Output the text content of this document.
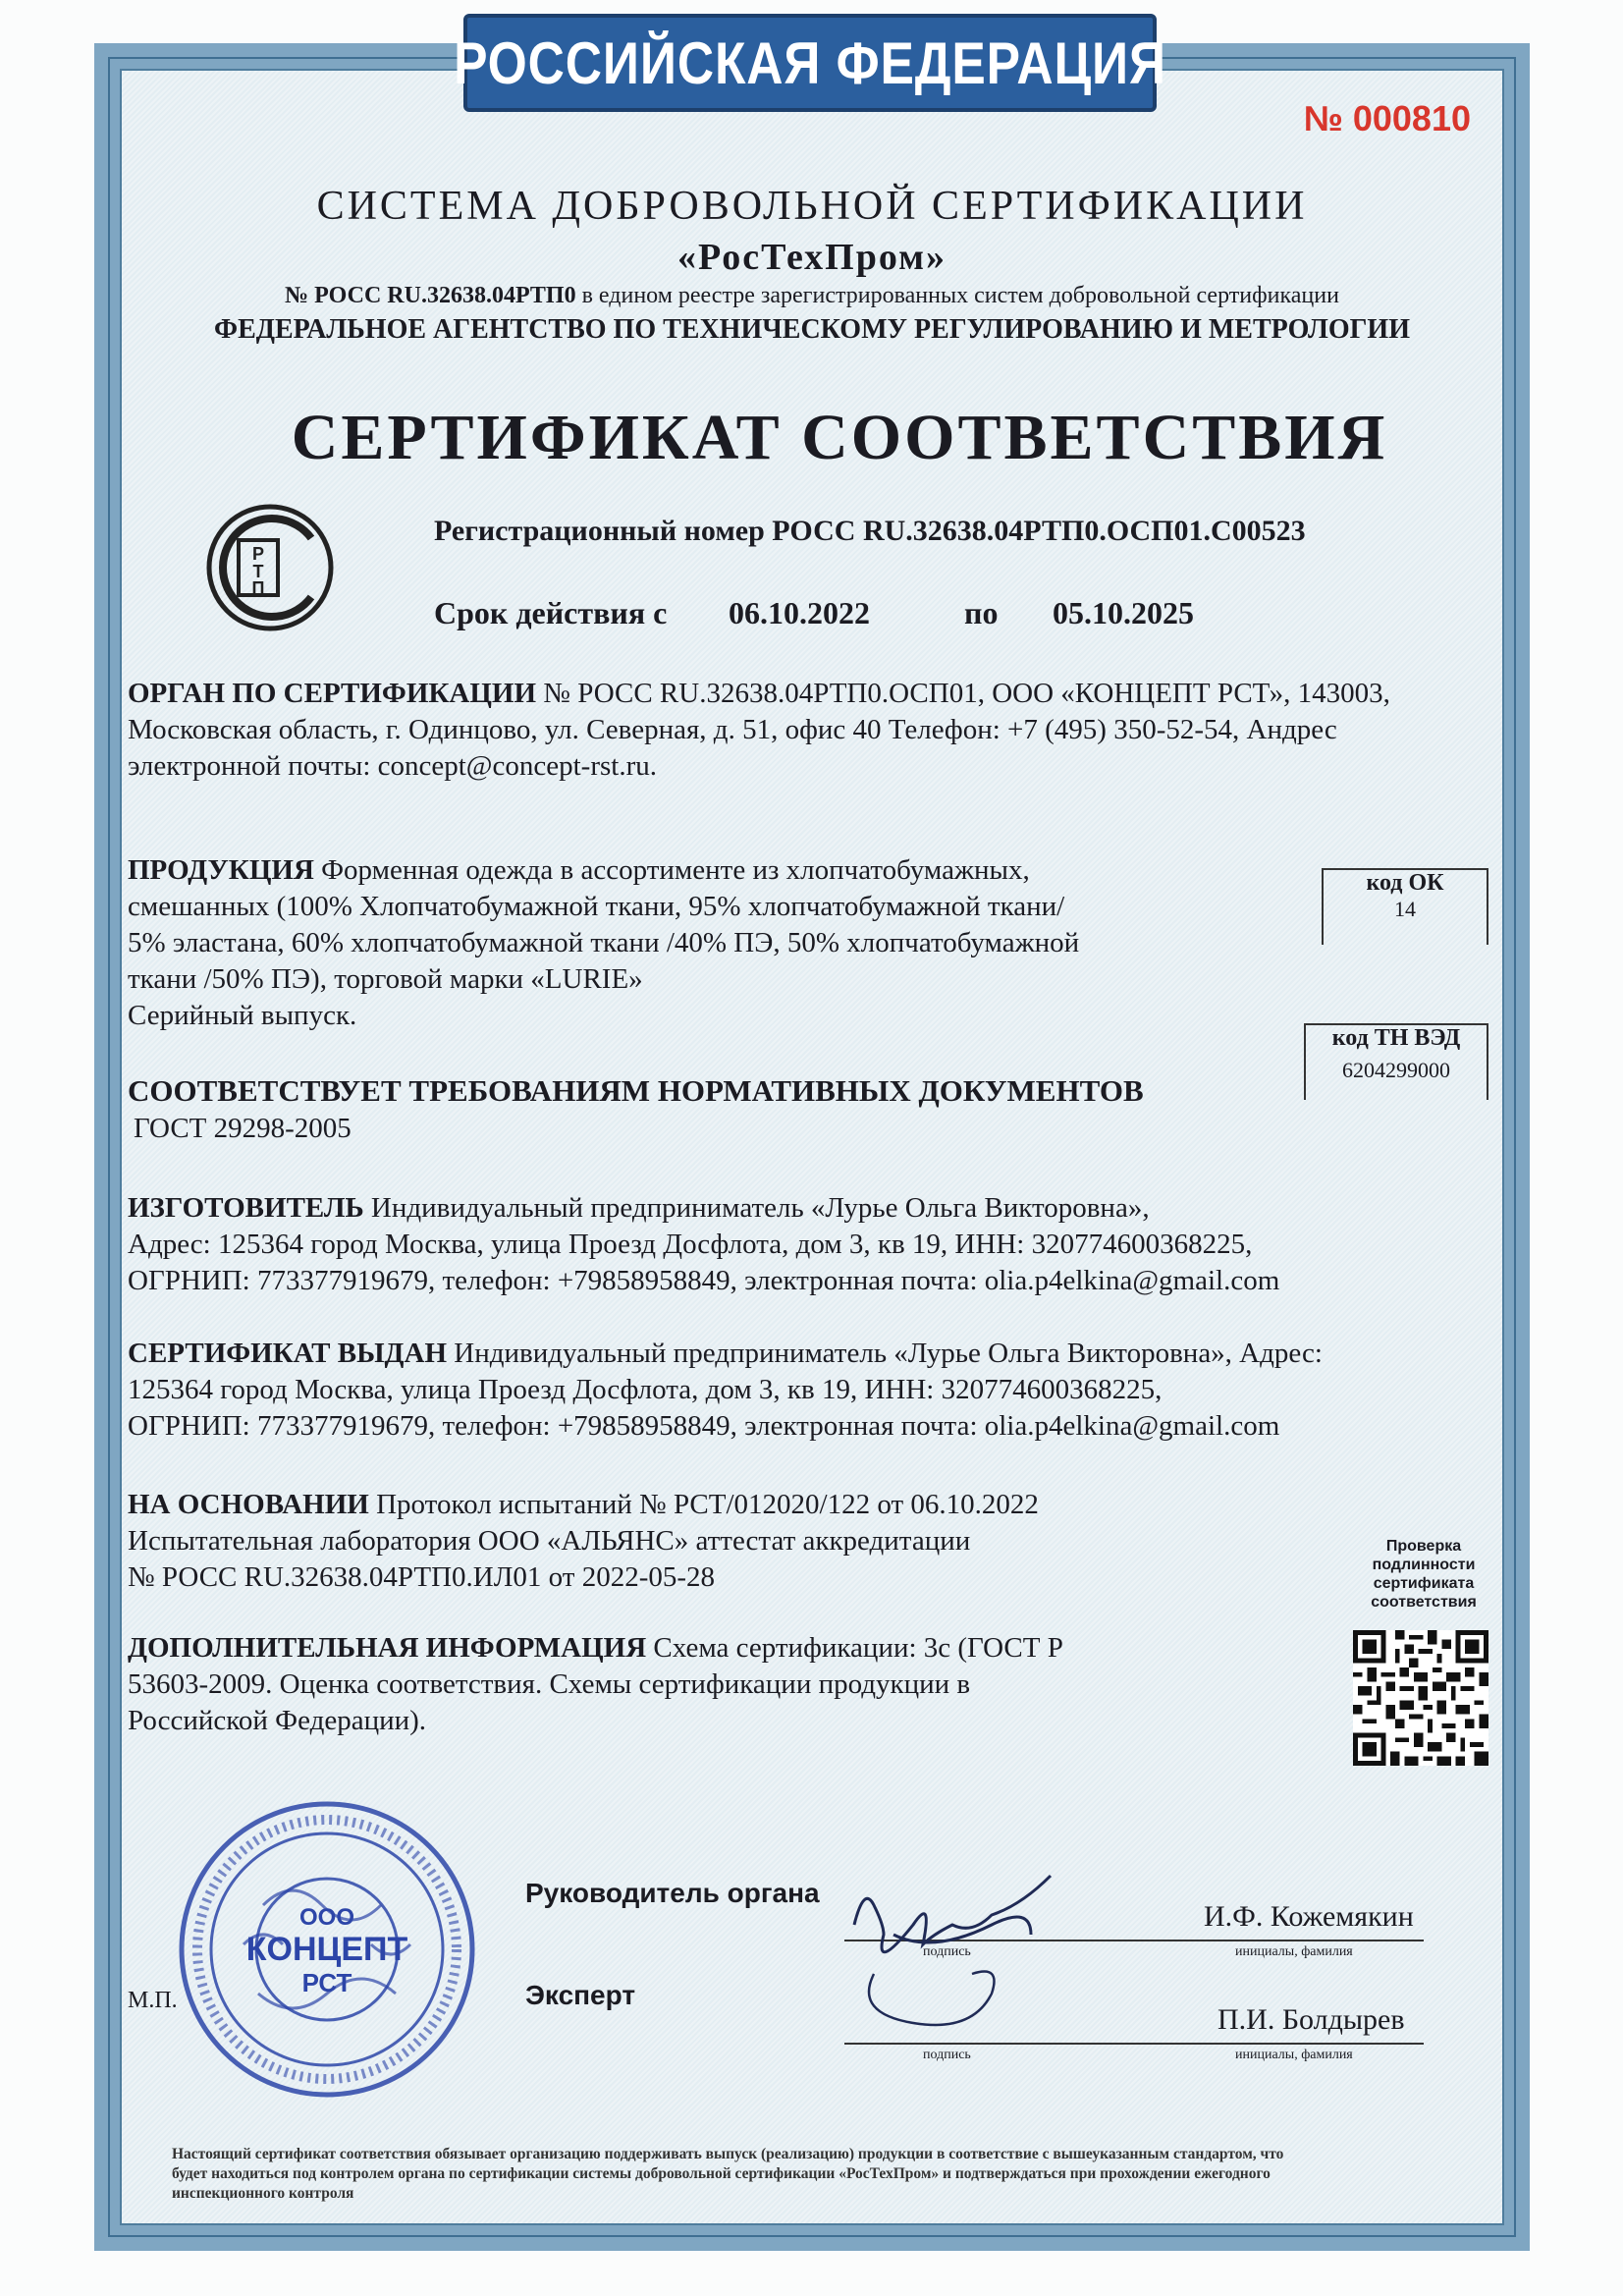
РОССИЙСКАЯ ФЕДЕРАЦИЯ
№ 000810
СИСТЕМА ДОБРОВОЛЬНОЙ СЕРТИФИКАЦИИ
«РосТехПром»
№ РОСС RU.32638.04РТП0 в едином реестре зарегистрированных систем добровольной сертификации
ФЕДЕРАЛЬНОЕ АГЕНТСТВО ПО ТЕХНИЧЕСКОМУ РЕГУЛИРОВАНИЮ И МЕТРОЛОГИИ
СЕРТИФИКАТ СООТВЕТСТВИЯ
Р
Т
П
Регистрационный номер РОСС RU.32638.04РТП0.ОСП01.С00523
Срок действия с 06.10.2022	по 05.10.2025
ОРГАН ПО СЕРТИФИКАЦИИ № РОСС RU.32638.04РТП0.ОСП01, ООО «КОНЦЕПТ РСТ», 143003,
Московская область, г. Одинцово, ул. Северная, д. 51, офис 40 Телефон: +7 (495) 350-52-54, Андрес
электронной почты: concept@concept-rst.ru.
ПРОДУКЦИЯ Форменная одежда в ассортименте из хлопчатобумажных,
смешанных (100% Хлопчатобумажной ткани, 95% хлопчатобумажной ткани/
5% эластана, 60% хлопчатобумажной ткани /40% ПЭ, 50% хлопчатобумажной
ткани /50% ПЭ), торговой марки «LURIE»
Серийный выпуск.
код ОК
14
код ТН ВЭД
6204299000
СООТВЕТСТВУЕТ ТРЕБОВАНИЯМ НОРМАТИВНЫХ ДОКУМЕНТОВ
ГОСТ 29298-2005
ИЗГОТОВИТЕЛЬ Индивидуальный предприниматель «Лурье Ольга Викторовна»,
Адрес: 125364 город Москва, улица Проезд Досфлота, дом 3, кв 19, ИНН: 320774600368225,
ОГРНИП: 773377919679, телефон: +79858958849, электронная почта: olia.p4elkina@gmail.com
СЕРТИФИКАТ ВЫДАН Индивидуальный предприниматель «Лурье Ольга Викторовна», Адрес:
125364 город Москва, улица Проезд Досфлота, дом 3, кв 19, ИНН: 320774600368225,
ОГРНИП: 773377919679, телефон: +79858958849, электронная почта: olia.p4elkina@gmail.com
НА ОСНОВАНИИ Протокол испытаний № РСТ/012020/122 от 06.10.2022
Испытательная лаборатория ООО «АЛЬЯНС» аттестат аккредитации
№ РОСС RU.32638.04РТП0.ИЛ01 от 2022-05-28
Проверка
подлинности
сертификата
соответствия
ДОПОЛНИТЕЛЬНАЯ ИНФОРМАЦИЯ Схема сертификации: 3с (ГОСТ Р
53603-2009. Оценка соответствия. Схемы сертификации продукции в
Российской Федерации).
ООО
КОНЦЕПТ
РСТ
М.П.
Руководитель органа
подпись
И.Ф. Кожемякин
инициалы, фамилия
Эксперт
подпись
П.И. Болдырев
инициалы, фамилия
Настоящий сертификат соответствия обязывает организацию поддерживать выпуск (реализацию) продукции в соответствие с вышеуказанным стандартом, что
будет находиться под контролем органа по сертификации системы добровольной сертификации «РосТехПром» и подтверждаться при прохождении ежегодного
инспекционного контроля
